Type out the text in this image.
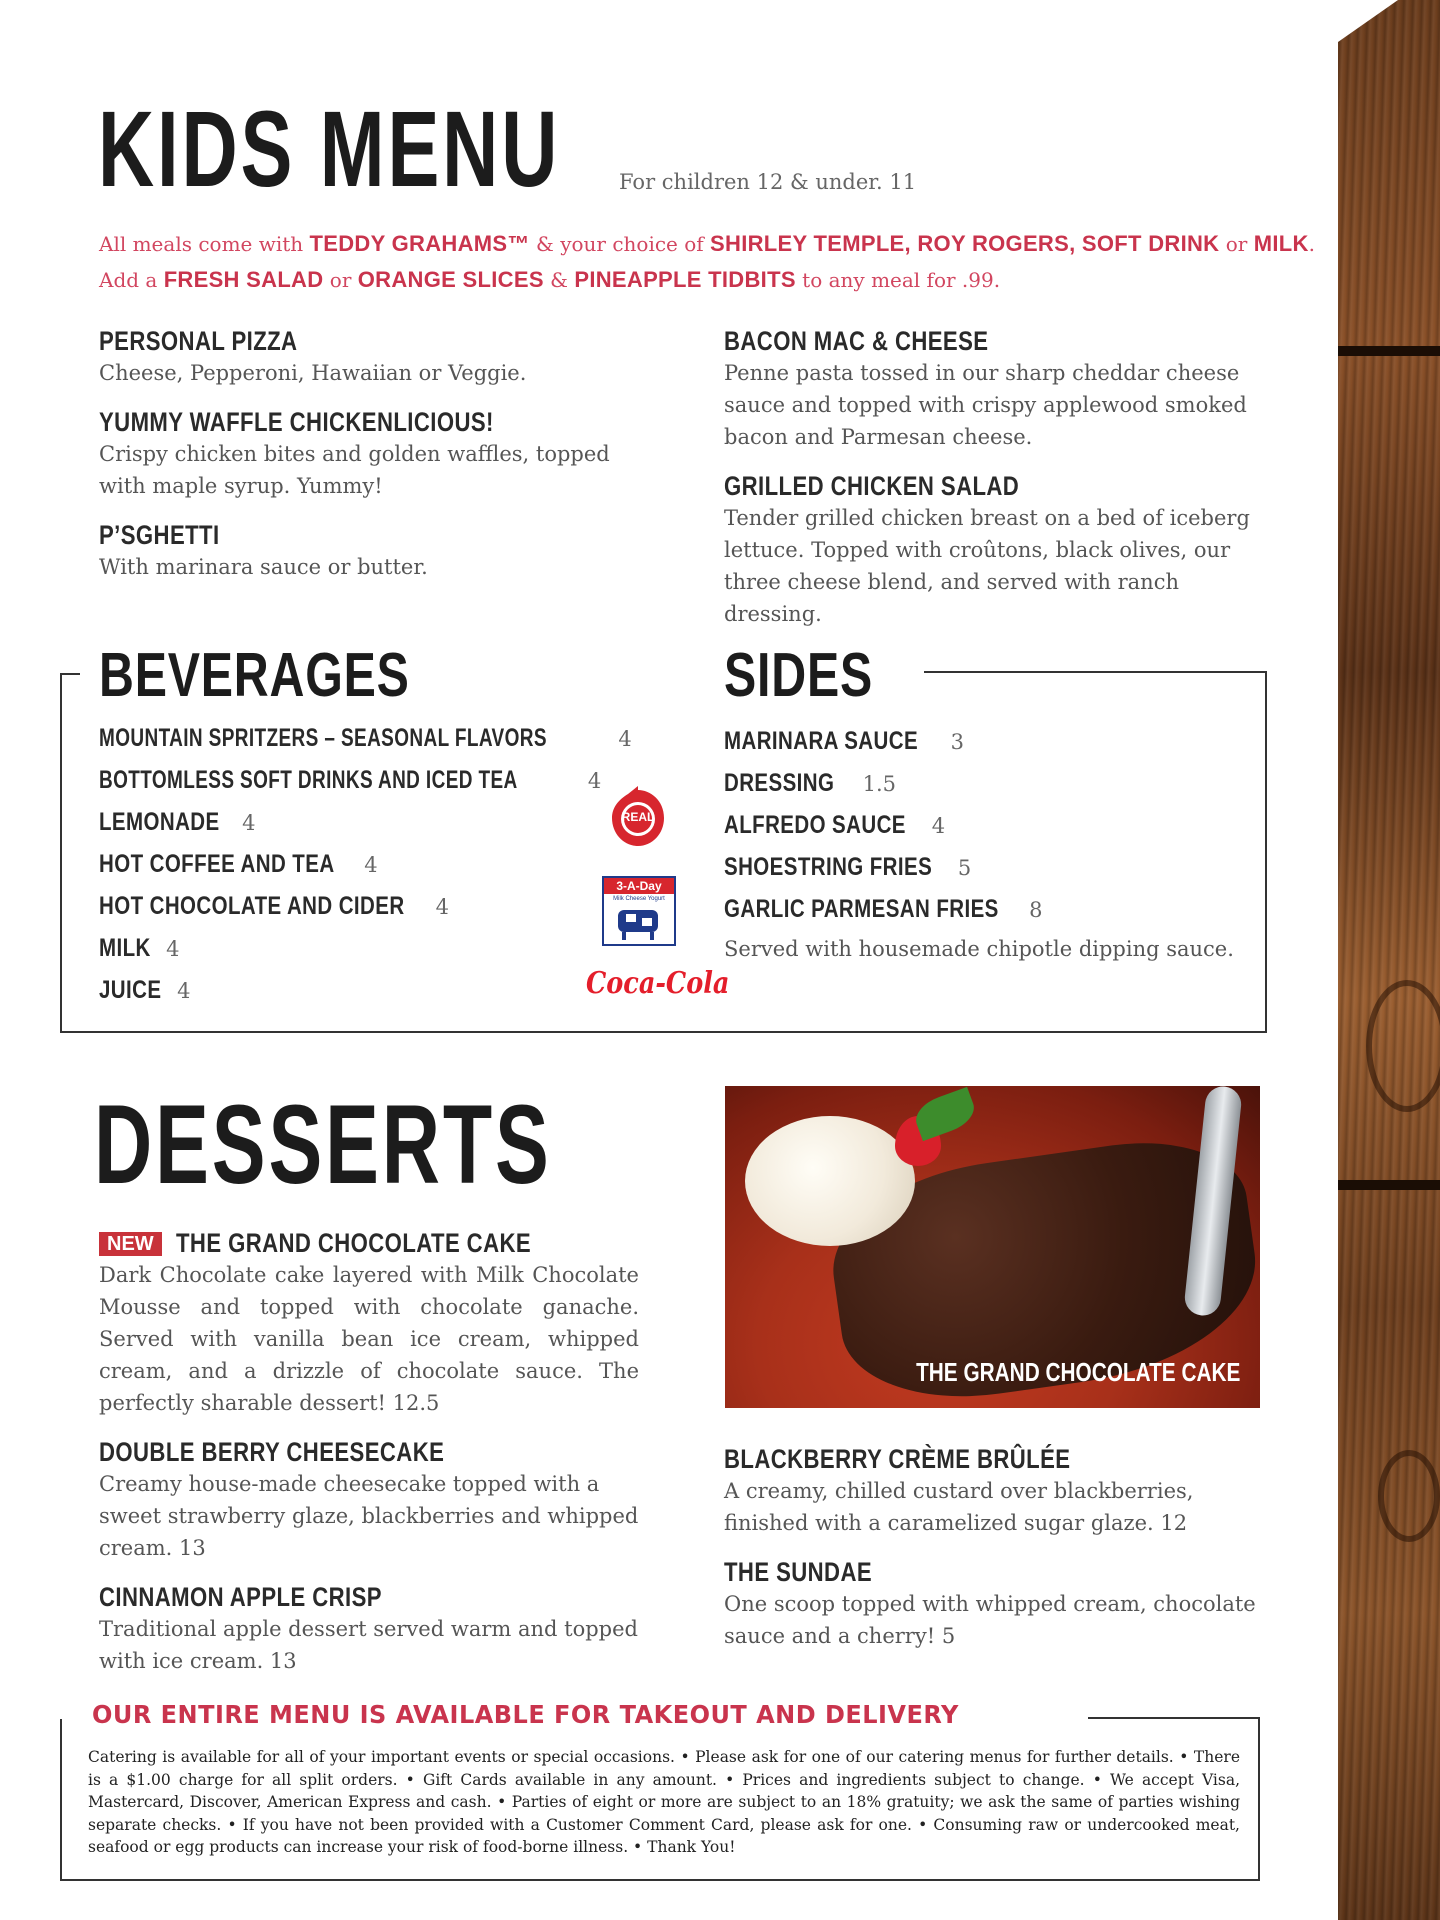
KIDS MENU	For children 12 & under. 11
All meals come with TEDDY GRAHAMS™ & your choice of SHIRLEY TEMPLE, ROY ROGERS, SOFT DRINK or MILK.
Add a FRESH SALAD or ORANGE SLICES & PINEAPPLE TIDBITS to any meal for .99.
PERSONAL PIZZA
Cheese, Pepperoni, Hawaiian or Veggie.
YUMMY WAFFLE CHICKENLICIOUS!
Crispy chicken bites and golden waffles, topped with maple syrup. Yummy!
P’SGHETTI
With marinara sauce or butter.
BACON MAC & CHEESE
Penne pasta tossed in our sharp cheddar cheese sauce and topped with crispy applewood smoked bacon and Parmesan cheese.
GRILLED CHICKEN SALAD
Tender grilled chicken breast on a bed of iceberg lettuce. Topped with croûtons, black olives, our three cheese blend, and served with ranch dressing.
BEVERAGES
MOUNTAIN SPRITZERS – SEASONAL FLAVORS	4
BOTTOMLESS SOFT DRINKS AND ICED TEA	4
LEMONADE 4
HOT COFFEE AND TEA 4
HOT CHOCOLATE AND CIDER 4
MILK 4
JUICE 4
REAL
3-A-Day
Milk Cheese Yogurt
Coca-Cola
SIDES
MARINARA SAUCE 3
DRESSING 1.5
ALFREDO SAUCE 4
SHOESTRING FRIES 5
GARLIC PARMESAN FRIES 8
Served with housemade chipotle dipping sauce.
DESSERTS
THE GRAND CHOCOLATE CAKE
NEW THE GRAND CHOCOLATE CAKE
Dark Chocolate cake layered with Milk Chocolate Mousse and topped with chocolate ganache. Served with vanilla bean ice cream, whipped cream, and a drizzle of chocolate sauce. The perfectly sharable dessert! 12.5
DOUBLE BERRY CHEESECAKE
Creamy house-made cheesecake topped with a sweet strawberry glaze, blackberries and whipped cream. 13
CINNAMON APPLE CRISP
Traditional apple dessert served warm and topped with ice cream. 13
BLACKBERRY CRÈME BRÛLÉE
A creamy, chilled custard over blackberries, finished with a caramelized sugar glaze. 12
THE SUNDAE
One scoop topped with whipped cream, chocolate sauce and a cherry! 5
OUR ENTIRE MENU IS AVAILABLE FOR TAKEOUT AND DELIVERY
Catering is available for all of your important events or special occasions. • Please ask for one of our catering menus for further details. • There is a $1.00 charge for all split orders. • Gift Cards available in any amount. • Prices and ingredients subject to change. • We accept Visa, Mastercard, Discover, American Express and cash. • Parties of eight or more are subject to an 18% gratuity; we ask the same of parties wishing separate checks. • If you have not been provided with a Customer Comment Card, please ask for one. • Consuming raw or undercooked meat, seafood or egg products can increase your risk of food-borne illness. • Thank You!
